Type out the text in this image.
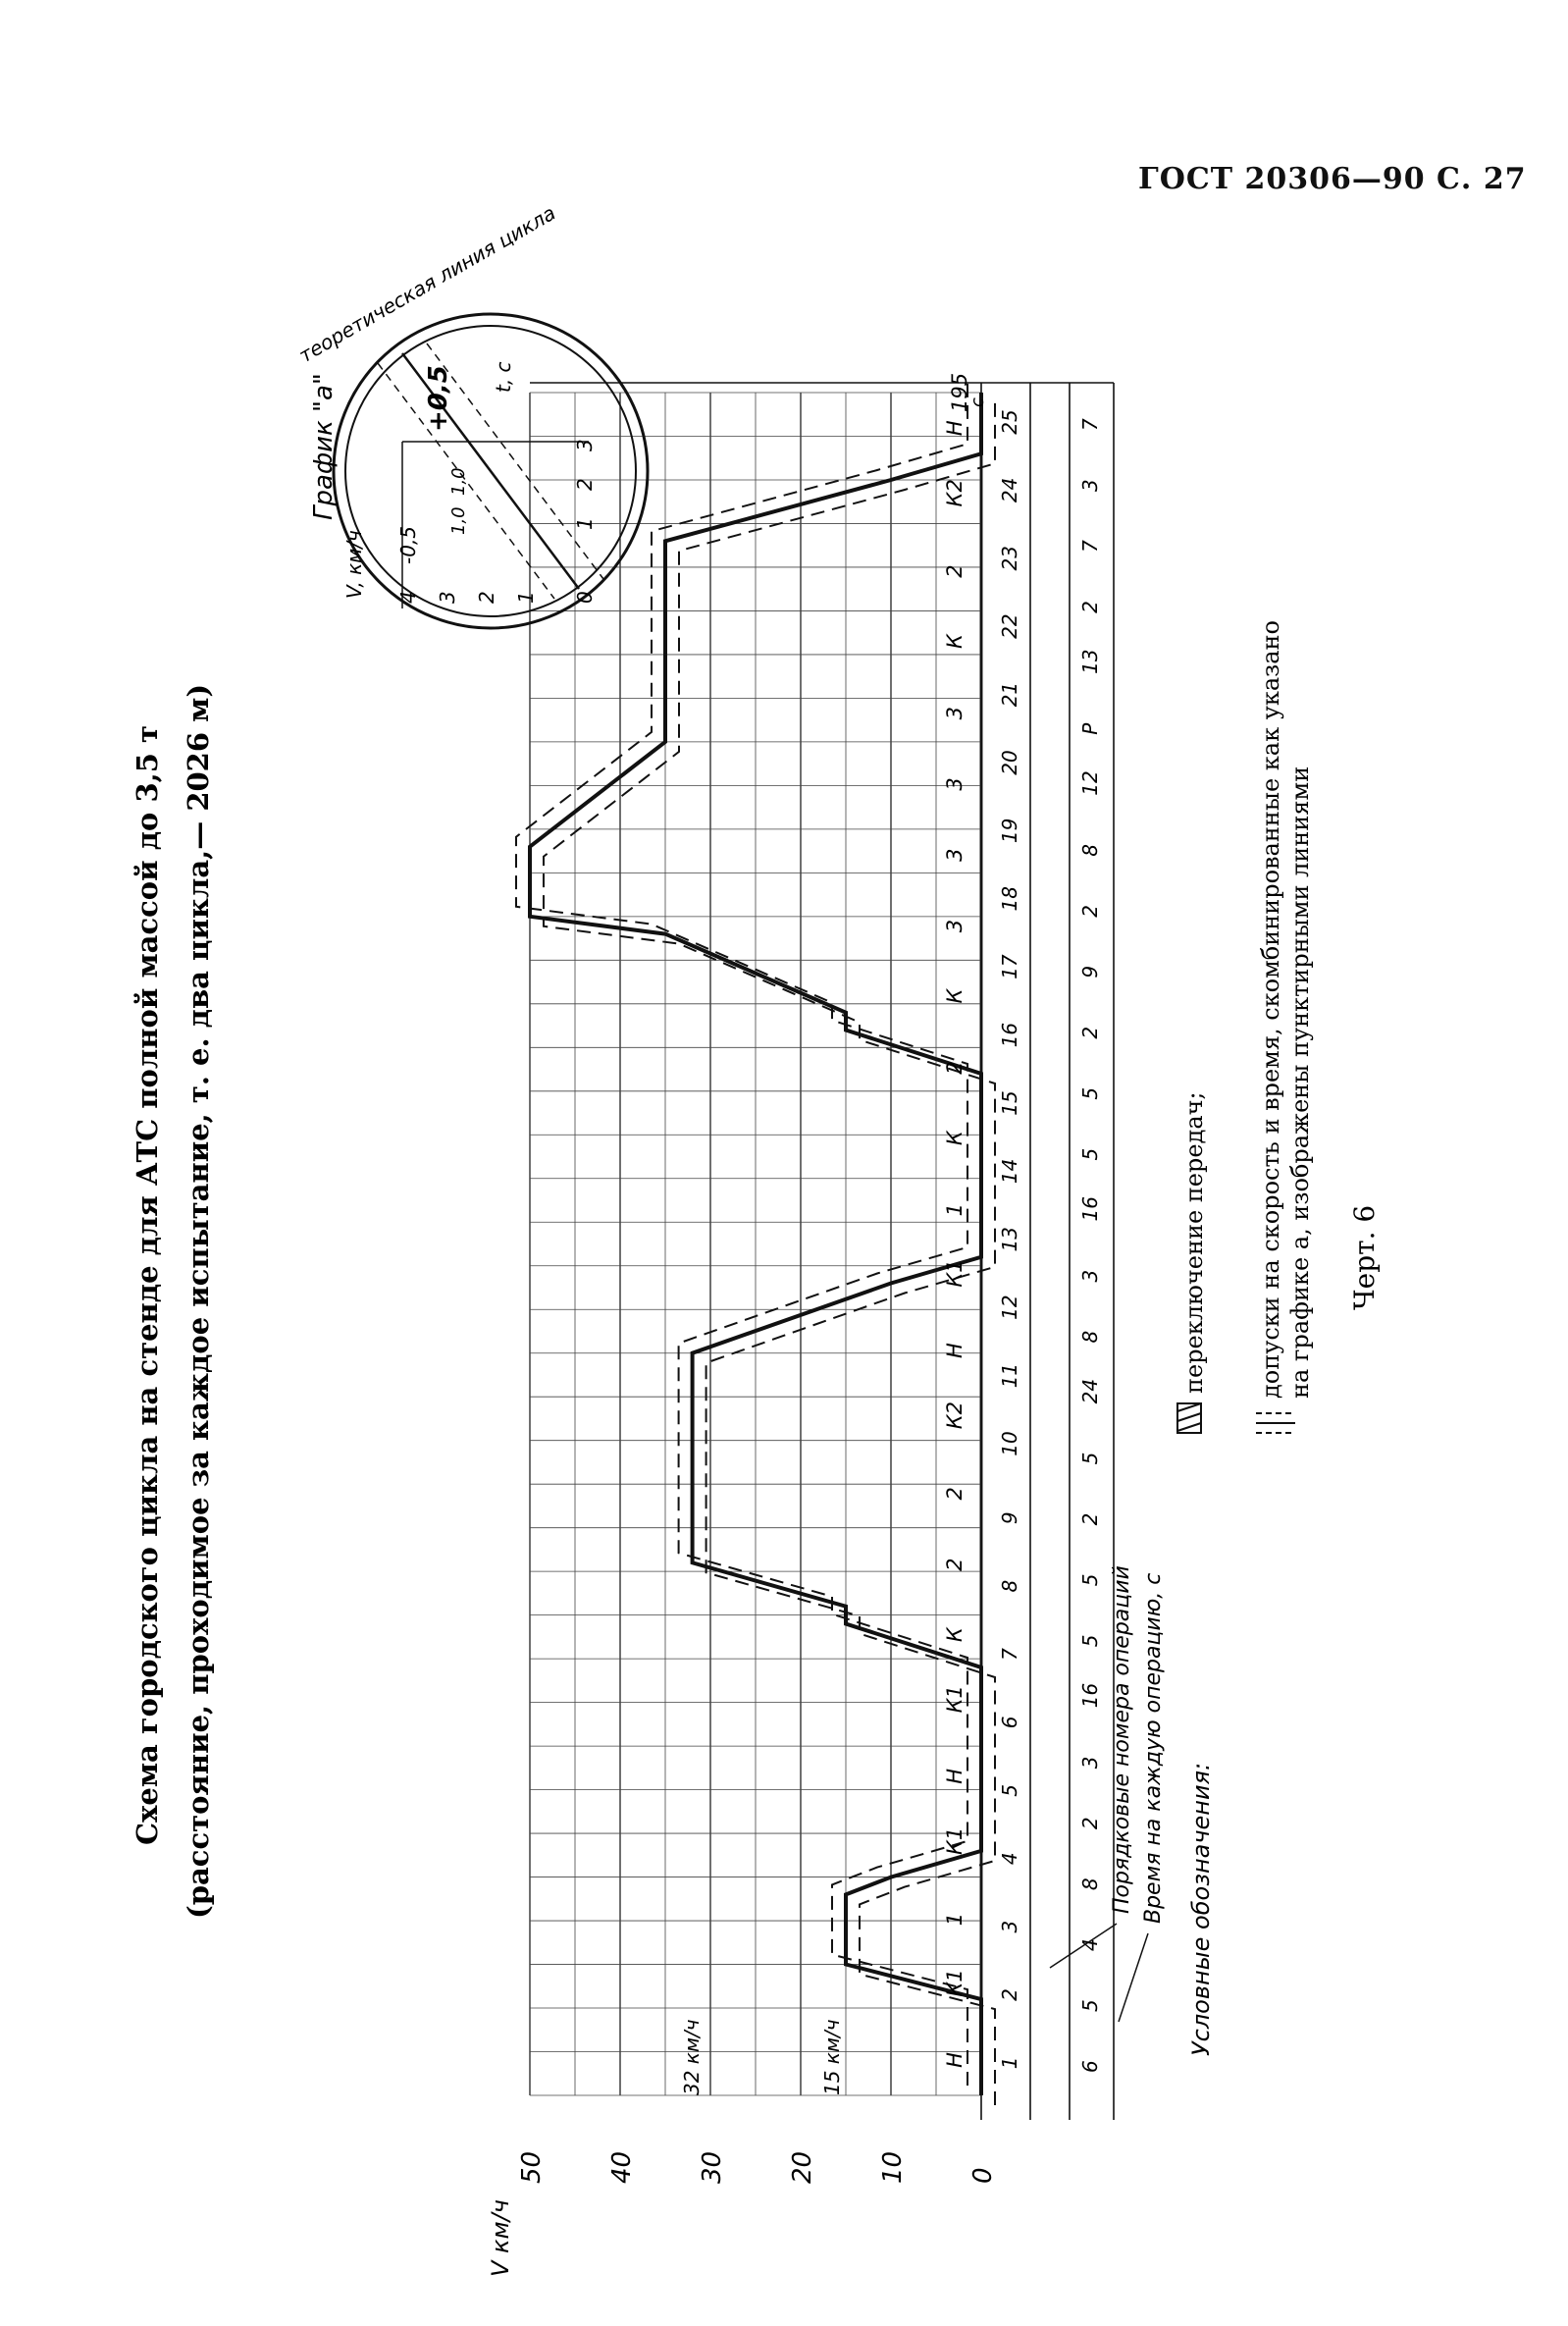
ГОСТ 20306—90 С. 27
Схема городского цикла на стенде для АТС полной массой до 3,5 т (расстояние, проходимое за каждое испытание, т. е. два цикла,— 2026 м)
0
10
20
30
40
50
1
2
3
4
5
6
7
8
9
10
11
12
13
14
15
16
17
18
19
20
21
22
23
24
25
6
5
4
8
2
3
16
5
5
2
5
24
8
3
16
5
5
2
9
2
8
12
Р
13
2
7
3
7
Н
К1
1
К1
Н
К1
К
2
2
К2
Н
К1
1
К
2
К
3
3
3
3
К
2
К2
Н
V км/ч
15 км/ч
32 км/ч
195
с
График "а"
V, км/ч
t, с
0
1
2
3
4
1
2
3
-0,5
+0,5
1,0
1,0
теоретическая линия цикла
Условные обозначения:
Порядковые номера операций Время на каждую операцию, с
переключение передач; допуски на скорость и время, скомбинированные как указано на графике а, изображены пунктирными линиями Черт. 6
